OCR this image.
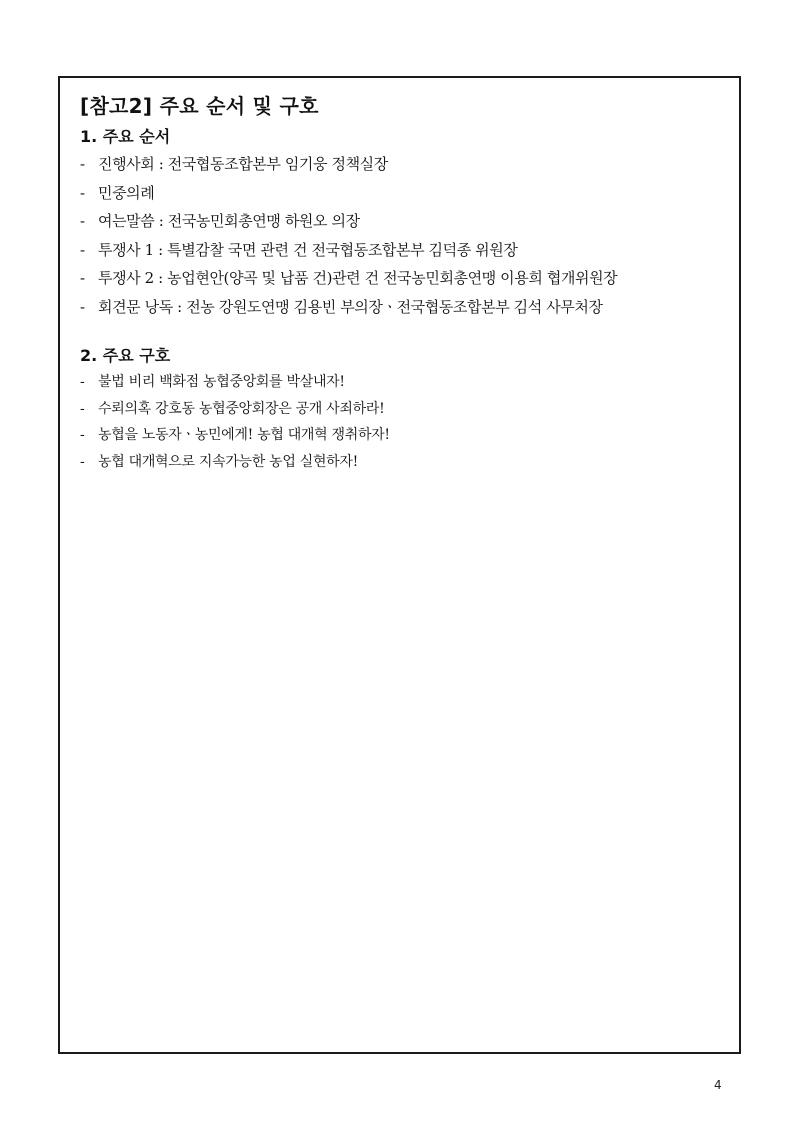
[참고2] 주요 순서 및 구호
1. 주요 순서
- 진행사회 : 전국협동조합본부 임기웅 정책실장
- 민중의례
- 여는말씀 : 전국농민회총연맹 하원오 의장
- 투쟁사 1 : 특별감찰 국면 관련 건 전국협동조합본부 김덕종 위원장
- 투쟁사 2 : 농업현안(양곡 및 납품 건)관련 건 전국농민회총연맹 이용희 협개위원장
- 회견문 낭독 : 전농 강원도연맹 김용빈 부의장ㆍ전국협동조합본부 김석 사무처장
2. 주요 구호
- 불법 비리 백화점 농협중앙회를 박살내자!
- 수뢰의혹 강호동 농협중앙회장은 공개 사죄하라!
- 농협을 노동자ㆍ농민에게! 농협 대개혁 쟁취하자!
- 농협 대개혁으로 지속가능한 농업 실현하자!
4
